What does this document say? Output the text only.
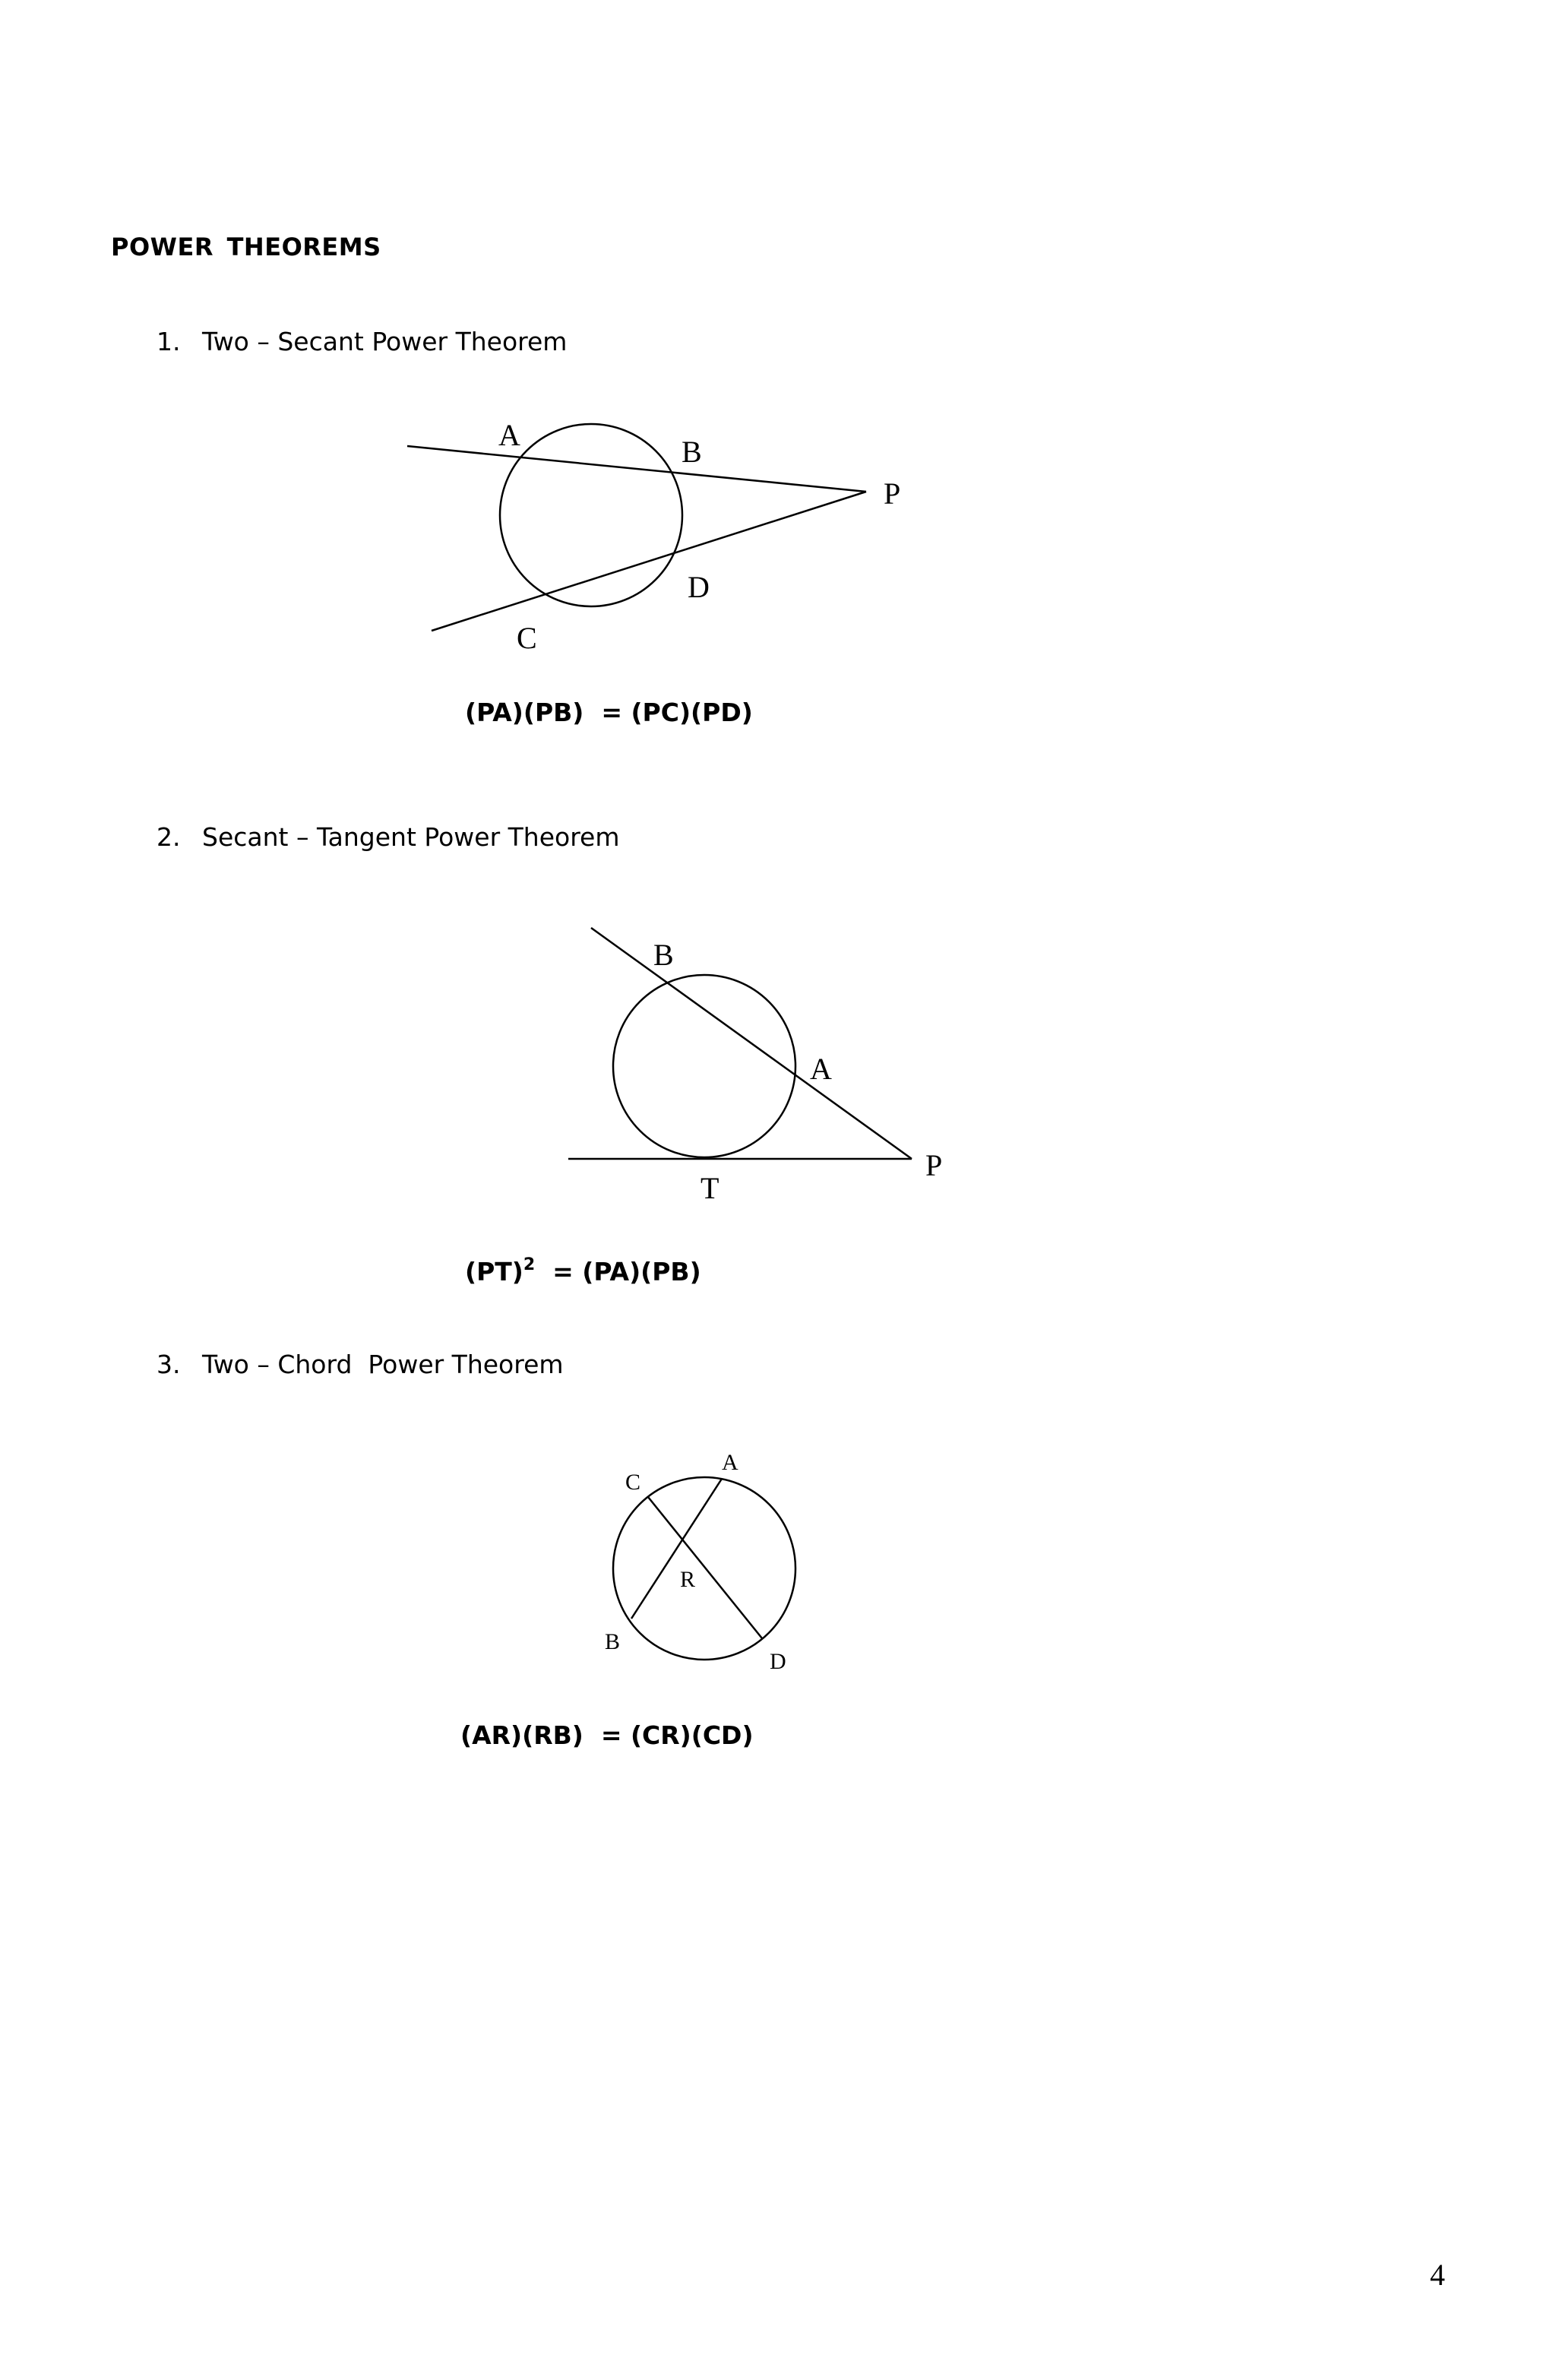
POWER THEOREMS
1. Two – Secant Power Theorem
A	B
P
D
C
B
A
P
T
C
A
R
B
D
(PA)(PB)  = (PC)(PD)
2. Secant – Tangent Power Theorem
(PT)$^2$  = (PA)(PB)
3. Two – Chord  Power Theorem
(AR)(RB)  = (CR)(CD)
4
